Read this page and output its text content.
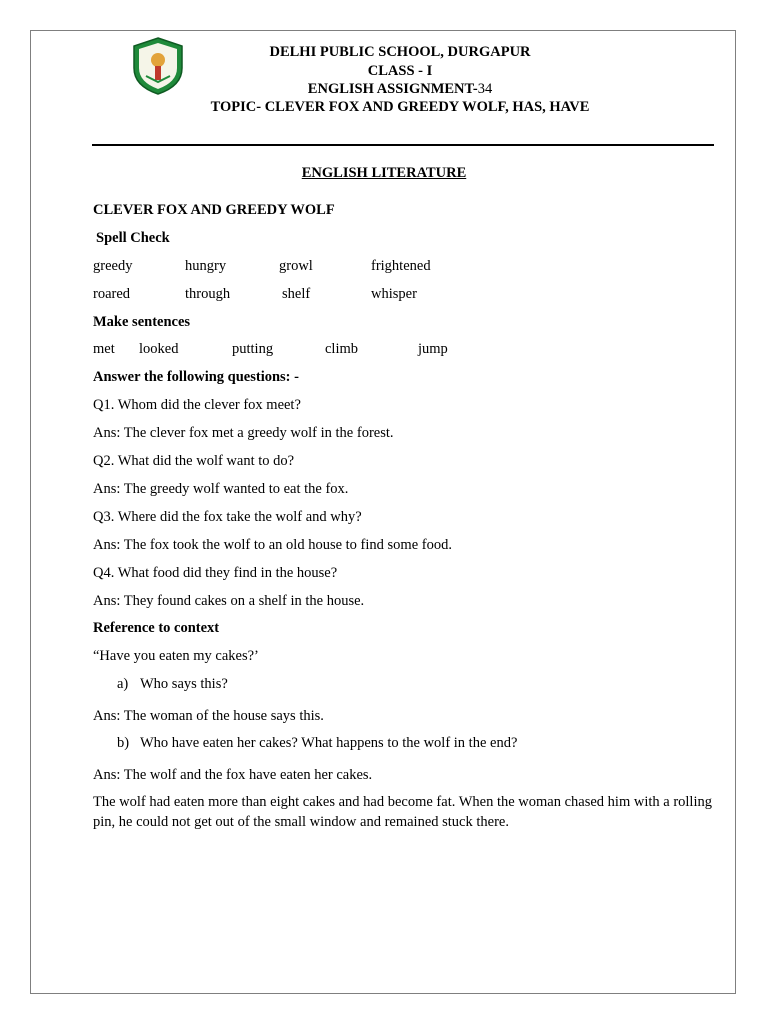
DELHI PUBLIC SCHOOL, DURGAPUR
CLASS - I
ENGLISH ASSIGNMENT-34
TOPIC- CLEVER FOX AND GREEDY WOLF, HAS, HAVE
ENGLISH LITERATURE
CLEVER FOX AND GREEDY WOLF
Spell Check
greedy	hungry	growl	frightened
roared	through	shelf	whisper
Make sentences
met looked	putting	climb	jump
Answer the following questions: -
Q1. Whom did the clever fox meet?
Ans: The clever fox met a greedy wolf in the forest.
Q2. What did the wolf want to do?
Ans: The greedy wolf wanted to eat the fox.
Q3. Where did the fox take the wolf and why?
Ans: The fox took the wolf to an old house to find some food.
Q4. What food did they find in the house?
Ans: They found cakes on a shelf in the house.
Reference to context
“Have you eaten my cakes?’
a) Who says this?
Ans: The woman of the house says this.
b) Who have eaten her cakes? What happens to the wolf in the end?
Ans: The wolf and the fox have eaten her cakes.
The wolf had eaten more than eight cakes and had become fat. When the woman chased him with a rolling pin, he could not get out of the small window and remained stuck there.
